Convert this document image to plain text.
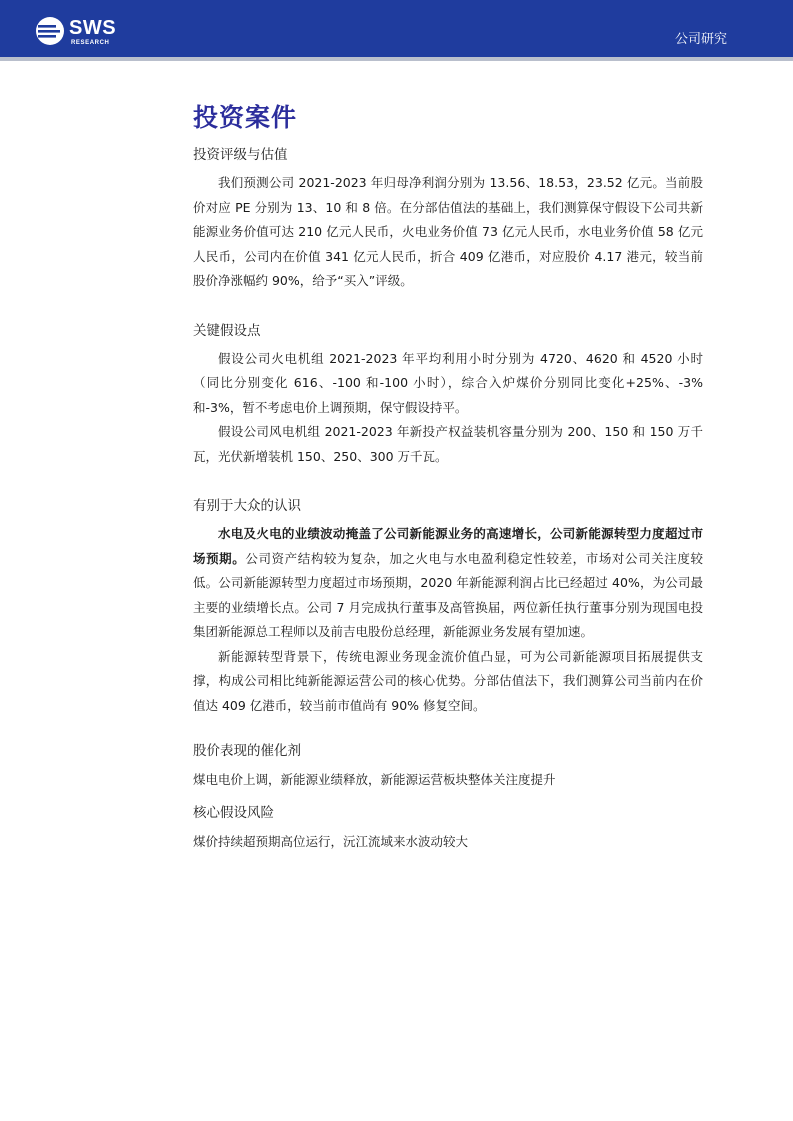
SWS
RESEARCH	公司研究
投资案件
投资评级与估值

我们预测公司 2021-2023 年归母净利润分别为 13.56、18.53，23.52 亿元。当前股价对应 PE 分别为 13、10 和 8 倍。在分部估值法的基础上，我们测算保守假设下公司共新能源业务价值可达 210 亿元人民币，火电业务价值 73 亿元人民币，水电业务价值 58 亿元人民币，公司内在价值 341 亿元人民币，折合 409 亿港币，对应股价 4.17 港元，较当前股价净涨幅约 90%，给予“买入”评级。

关键假设点

假设公司火电机组 2021-2023 年平均利用小时分别为 4720、4620 和 4520 小时（同比分别变化 616、-100 和-100 小时），综合入炉煤价分别同比变化+25%、-3%和-3%，暂不考虑电价上调预期，保守假设持平。

假设公司风电机组 2021-2023 年新投产权益装机容量分别为 200、150 和 150 万千瓦，光伏新增装机 150、250、300 万千瓦。

有别于大众的认识

水电及火电的业绩波动掩盖了公司新能源业务的高速增长，公司新能源转型力度超过市场预期。公司资产结构较为复杂，加之火电与水电盈利稳定性较差，市场对公司关注度较低。公司新能源转型力度超过市场预期，2020 年新能源利润占比已经超过 40%，为公司最主要的业绩增长点。公司 7 月完成执行董事及高管换届，两位新任执行董事分别为现国电投集团新能源总工程师以及前吉电股份总经理，新能源业务发展有望加速。

新能源转型背景下，传统电源业务现金流价值凸显，可为公司新能源项目拓展提供支撑，构成公司相比纯新能源运营公司的核心优势。分部估值法下，我们测算公司当前内在价值达 409 亿港币，较当前市值尚有 90% 修复空间。

股价表现的催化剂

煤电电价上调，新能源业绩释放，新能源运营板块整体关注度提升

核心假设风险

煤价持续超预期高位运行，沅江流域来水波动较大
